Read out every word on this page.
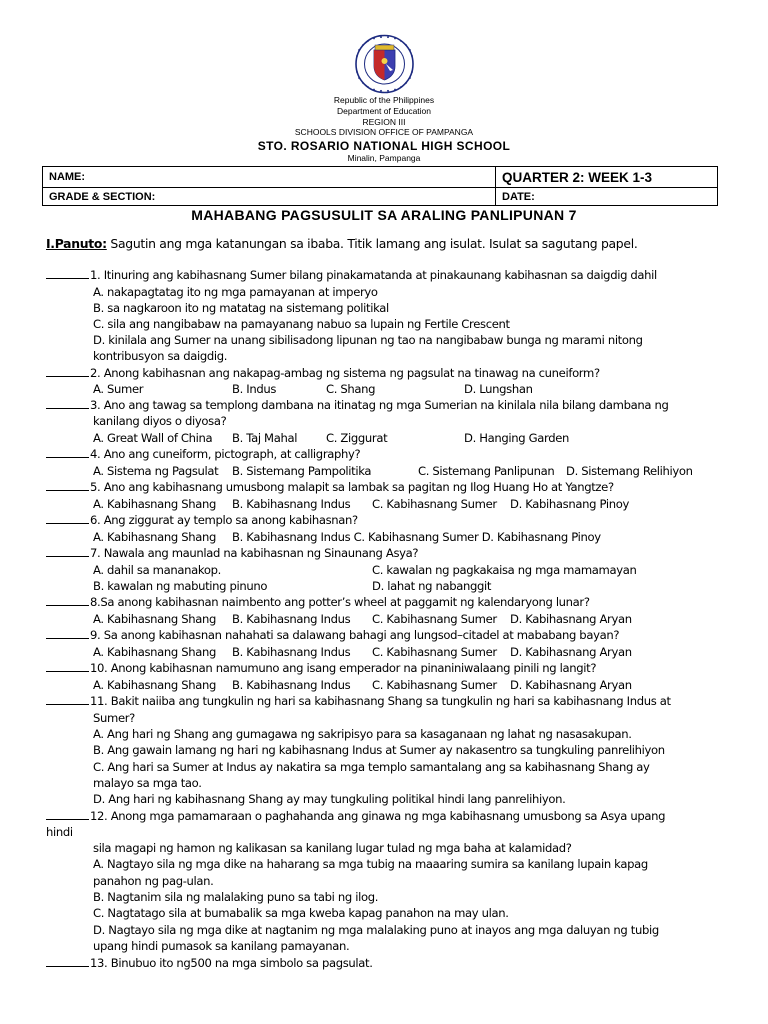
Republic of the Philippines
Department of Education
REGION III
SCHOOLS DIVISION OFFICE OF PAMPANGA
STO. ROSARIO NATIONAL HIGH SCHOOL
Minalin, Pampanga
NAME:	QUARTER 2: WEEK 1-3
GRADE & SECTION:	DATE:
MAHABANG PAGSUSULIT SA ARALING PANLIPUNAN 7
I.Panuto: Sagutin ang mga katanungan sa ibaba. Titik lamang ang isulat. Isulat sa sagutang papel.
1. Itinuring ang kabihasnang Sumer bilang pinakamatanda at pinakaunang kabihasnan sa daigdig dahil
A. nakapagtatag ito ng mga pamayanan at imperyo
B. sa nagkaroon ito ng matatag na sistemang politikal
C. sila ang nangibabaw na pamayanang nabuo sa lupain ng Fertile Crescent
D. kinilala ang Sumer na unang sibilisadong lipunan ng tao na nangibabaw bunga ng marami nitong
kontribusyon sa daigdig.
2. Anong kabihasnan ang nakapag-ambag ng sistema ng pagsulat na tinawag na cuneiform?
A. Sumer	B. Indus	C. Shang	D. Lungshan
3. Ano ang tawag sa templong dambana na itinatag ng mga Sumerian na kinilala nila bilang dambana ng
kanilang diyos o diyosa?
A. Great Wall of China B. Taj Mahal C. Ziggurat	D. Hanging Garden
4. Ano ang cuneiform, pictograph, at calligraphy?
A. Sistema ng Pagsulat B. Sistemang Pampolitika	C. Sistemang Panlipunan D. Sistemang Relihiyon
5. Ano ang kabihasnang umusbong malapit sa lambak sa pagitan ng Ilog Huang Ho at Yangtze?
A. Kabihasnang Shang B. Kabihasnang Indus C. Kabihasnang Sumer D. Kabihasnang Pinoy
6. Ang ziggurat ay templo sa anong kabihasnan?
A. Kabihasnang Shang B. Kabihasnang Indus C. Kabihasnang Sumer D. Kabihasnang Pinoy
7. Nawala ang maunlad na kabihasnan ng Sinaunang Asya?
A. dahil sa mananakop.	C. kawalan ng pagkakaisa ng mga mamamayan
B. kawalan ng mabuting pinuno	D. lahat ng nabanggit
8.Sa anong kabihasnan naimbento ang potter’s wheel at paggamit ng kalendaryong lunar?
A. Kabihasnang Shang B. Kabihasnang Indus C. Kabihasnang Sumer D. Kabihasnang Aryan
9. Sa anong kabihasnan nahahati sa dalawang bahagi ang lungsod–citadel at mababang bayan?
A. Kabihasnang Shang B. Kabihasnang Indus C. Kabihasnang Sumer D. Kabihasnang Aryan
10. Anong kabihasnan namumuno ang isang emperador na pinaniniwalaang pinili ng langit?
A. Kabihasnang Shang B. Kabihasnang Indus C. Kabihasnang Sumer D. Kabihasnang Aryan
11. Bakit naiiba ang tungkulin ng hari sa kabihasnang Shang sa tungkulin ng hari sa kabihasnang Indus at
Sumer?
A. Ang hari ng Shang ang gumagawa ng sakripisyo para sa kasaganaan ng lahat ng nasasakupan.
B. Ang gawain lamang ng hari ng kabihasnang Indus at Sumer ay nakasentro sa tungkuling panrelihiyon
C. Ang hari sa Sumer at Indus ay nakatira sa mga templo samantalang ang sa kabihasnang Shang ay
malayo sa mga tao.
D. Ang hari ng kabihasnang Shang ay may tungkuling politikal hindi lang panrelihiyon.
12. Anong mga pamamaraan o paghahanda ang ginawa ng mga kabihasnang umusbong sa Asya upang
hindi
sila magapi ng hamon ng kalikasan sa kanilang lugar tulad ng mga baha at kalamidad?
A. Nagtayo sila ng mga dike na haharang sa mga tubig na maaaring sumira sa kanilang lupain kapag
panahon ng pag-ulan.
B. Nagtanim sila ng malalaking puno sa tabi ng ilog.
C. Nagtatago sila at bumabalik sa mga kweba kapag panahon na may ulan.
D. Nagtayo sila ng mga dike at nagtanim ng mga malalaking puno at inayos ang mga daluyan ng tubig
upang hindi pumasok sa kanilang pamayanan.
13. Binubuo ito ng500 na mga simbolo sa pagsulat.
